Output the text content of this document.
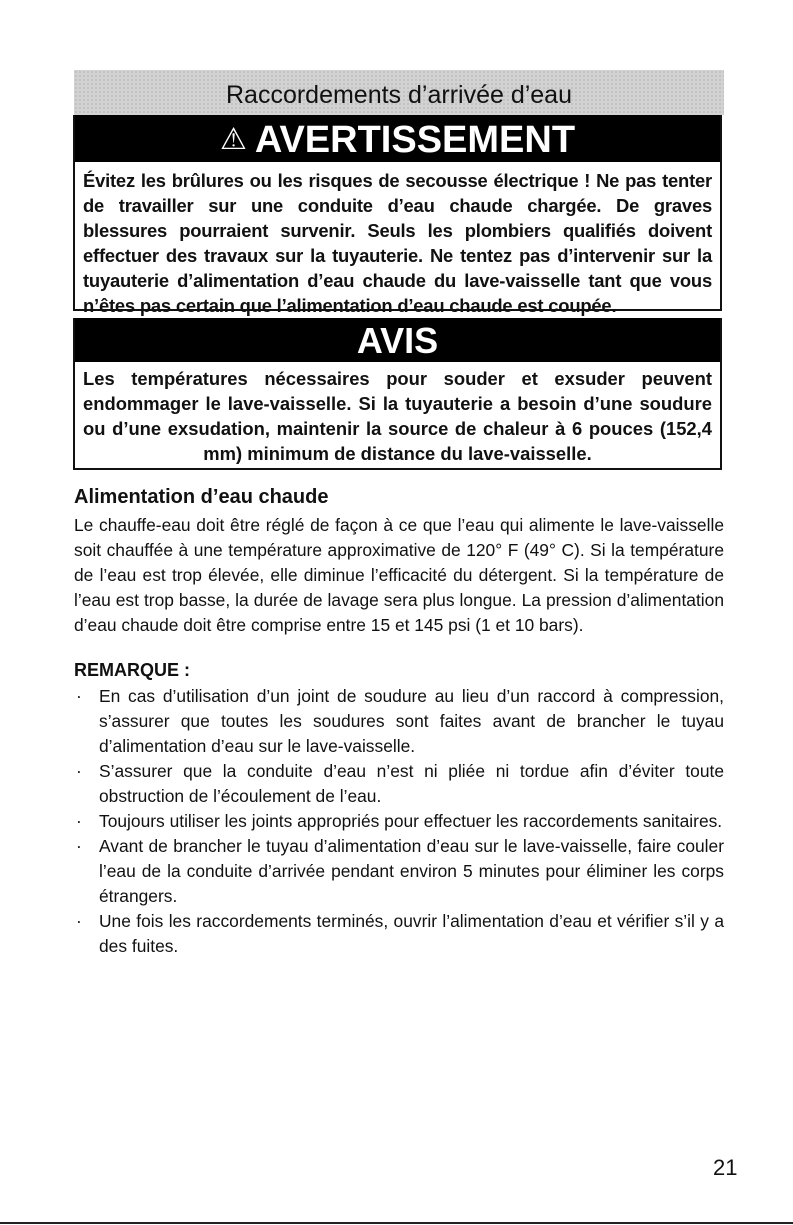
Raccordements d’arrivée d’eau
⚠ AVERTISSEMENT
Évitez les brûlures ou les risques de secousse électrique ! Ne pas tenter de travailler sur une conduite d’eau chaude chargée. De graves blessures pourraient survenir. Seuls les plombiers qualifiés doivent effectuer des travaux sur la tuyauterie. Ne tentez pas d’intervenir sur la tuyauterie d’alimentation d’eau chaude du lave-vaisselle tant que vous n’êtes pas certain que l’alimentation d’eau chaude est coupée.
AVIS
Les températures nécessaires pour souder et exsuder peuvent endommager le lave-vaisselle. Si la tuyauterie a besoin d’une soudure ou d’une exsudation, maintenir la source de chaleur à 6 pouces (152,4 mm) minimum de distance du lave-vaisselle.
Alimentation d’eau chaude
Le chauffe-eau doit être réglé de façon à ce que l’eau qui alimente le lave-vaisselle soit chauffée à une température approximative de 120° F (49° C). Si la température de l’eau est trop élevée, elle diminue l’efficacité du détergent. Si la température de l’eau est trop basse, la durée de lavage sera plus longue. La pression d’alimentation d’eau chaude doit être comprise entre 15 et 145 psi (1 et 10 bars).
REMARQUE :
· En cas d’utilisation d’un joint de soudure au lieu d’un raccord à compression, s’assurer que toutes les soudures sont faites avant de brancher le tuyau d’alimentation d’eau sur le lave-vaisselle.
· S’assurer que la conduite d’eau n’est ni pliée ni tordue afin d’éviter toute obstruction de l’écoulement de l’eau.
· Toujours utiliser les joints appropriés pour effectuer les raccordements sanitaires.
· Avant de brancher le tuyau d’alimentation d’eau sur le lave-vaisselle, faire couler l’eau de la conduite d’arrivée pendant environ 5 minutes pour éliminer les corps étrangers.
· Une fois les raccordements terminés, ouvrir l’alimentation d’eau et vérifier s’il y a des fuites.
21
